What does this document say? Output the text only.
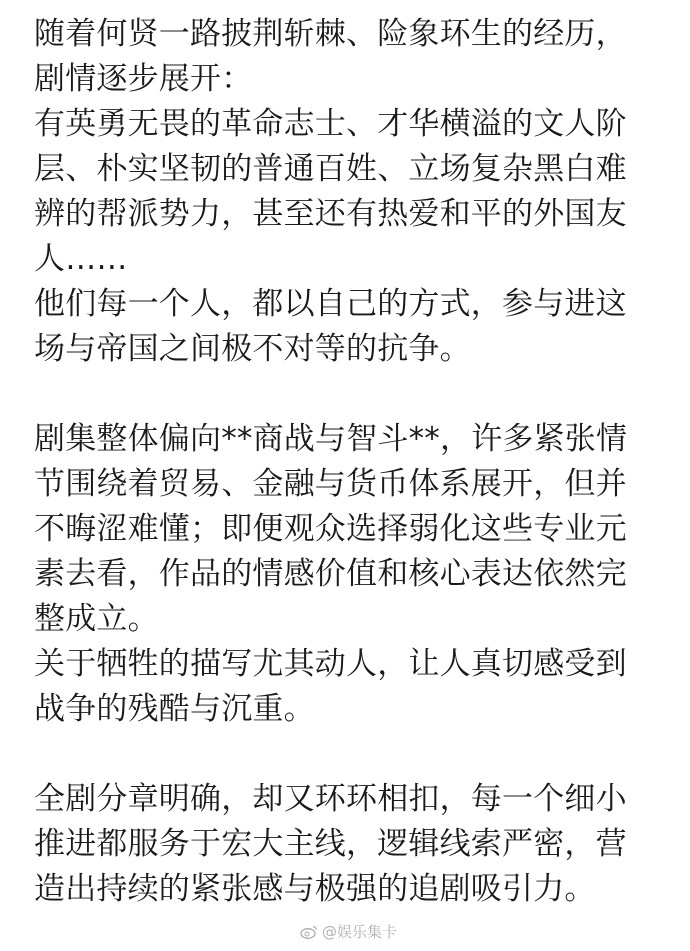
随着何贤一路披荆斩棘、险象环生的经历，
剧情逐步展开：
有英勇无畏的革命志士、才华横溢的文人阶
层、朴实坚韧的普通百姓、立场复杂黑白难
辨的帮派势力，甚至还有热爱和平的外国友
人……
他们每一个人，都以自己的方式，参与进这
场与帝国之间极不对等的抗争。
剧集整体偏向**商战与智斗**，许多紧张情
节围绕着贸易、金融与货币体系展开，但并
不晦涩难懂；即便观众选择弱化这些专业元
素去看，作品的情感价值和核心表达依然完
整成立。
关于牺牲的描写尤其动人，让人真切感受到
战争的残酷与沉重。
全剧分章明确，却又环环相扣，每一个细小
推进都服务于宏大主线，逻辑线索严密，营
造出持续的紧张感与极强的追剧吸引力。
@娱乐集卡
